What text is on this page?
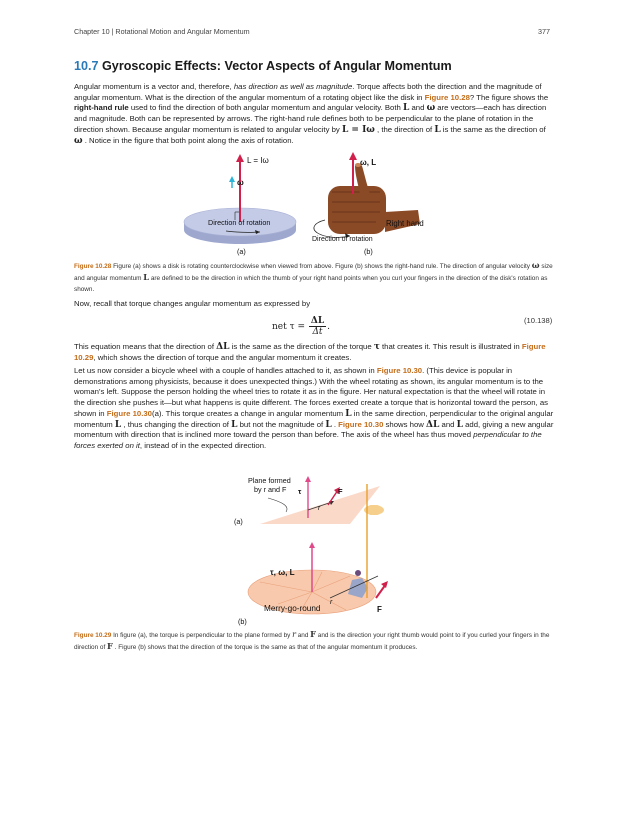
Chapter 10 | Rotational Motion and Angular Momentum	377
10.7 Gyroscopic Effects: Vector Aspects of Angular Momentum
Angular momentum is a vector and, therefore, has direction as well as magnitude. Torque affects both the direction and the magnitude of angular momentum. What is the direction of the angular momentum of a rotating object like the disk in Figure 10.28? The figure shows the right-hand rule used to find the direction of both angular momentum and angular velocity. Both L and ω are vectors—each has direction and magnitude. Both can be represented by arrows. The right-hand rule defines both to be perpendicular to the plane of rotation in the direction shown. Because angular momentum is related to angular velocity by L = Iω , the direction of L is the same as the direction of ω . Notice in the figure that both point along the axis of rotation.
L = Iω
ω
Direction of rotation
(a)
ω, L
Right hand
Direction of rotation
(b)
Figure 10.28 Figure (a) shows a disk is rotating counterclockwise when viewed from above. Figure (b) shows the right-hand rule. The direction of angular velocity ω size and angular momentum L are defined to be the direction in which the thumb of your right hand points when you curl your fingers in the direction of the disk's rotation as shown.
Now, recall that torque changes angular momentum as expressed by
net $\tau = \frac{\Delta L}{\Delta t}$ .
(10.138)
This equation means that the direction of ΔL is the same as the direction of the torque τ that creates it. This result is illustrated in Figure 10.29, which shows the direction of torque and the angular momentum it creates.
Let us now consider a bicycle wheel with a couple of handles attached to it, as shown in Figure 10.30. (This device is popular in demonstrations among physicists, because it does unexpected things.) With the wheel rotating as shown, its angular momentum is to the woman's left. Suppose the person holding the wheel tries to rotate it as in the figure. Her natural expectation is that the wheel will rotate in the direction she pushes it—but what happens is quite different. The forces exerted create a torque that is horizontal toward the person, as shown in Figure 10.30(a). This torque creates a change in angular momentum L in the same direction, perpendicular to the original angular momentum L , thus changing the direction of L but not the magnitude of L . Figure 10.30 shows how ΔL and L add, giving a new angular momentum with direction that is inclined more toward the person than before. The axis of the wheel has thus moved perpendicular to the forces exerted on it, instead of in the expected direction.
Plane formed
by r and F τ	F
r
(a)
τ, ω, L
Merry-go-round
r
F
(b)
Figure 10.29 In figure (a), the torque is perpendicular to the plane formed by r and F and is the direction your right thumb would point to if you curled your fingers in the direction of F . Figure (b) shows that the direction of the torque is the same as that of the angular momentum it produces.
